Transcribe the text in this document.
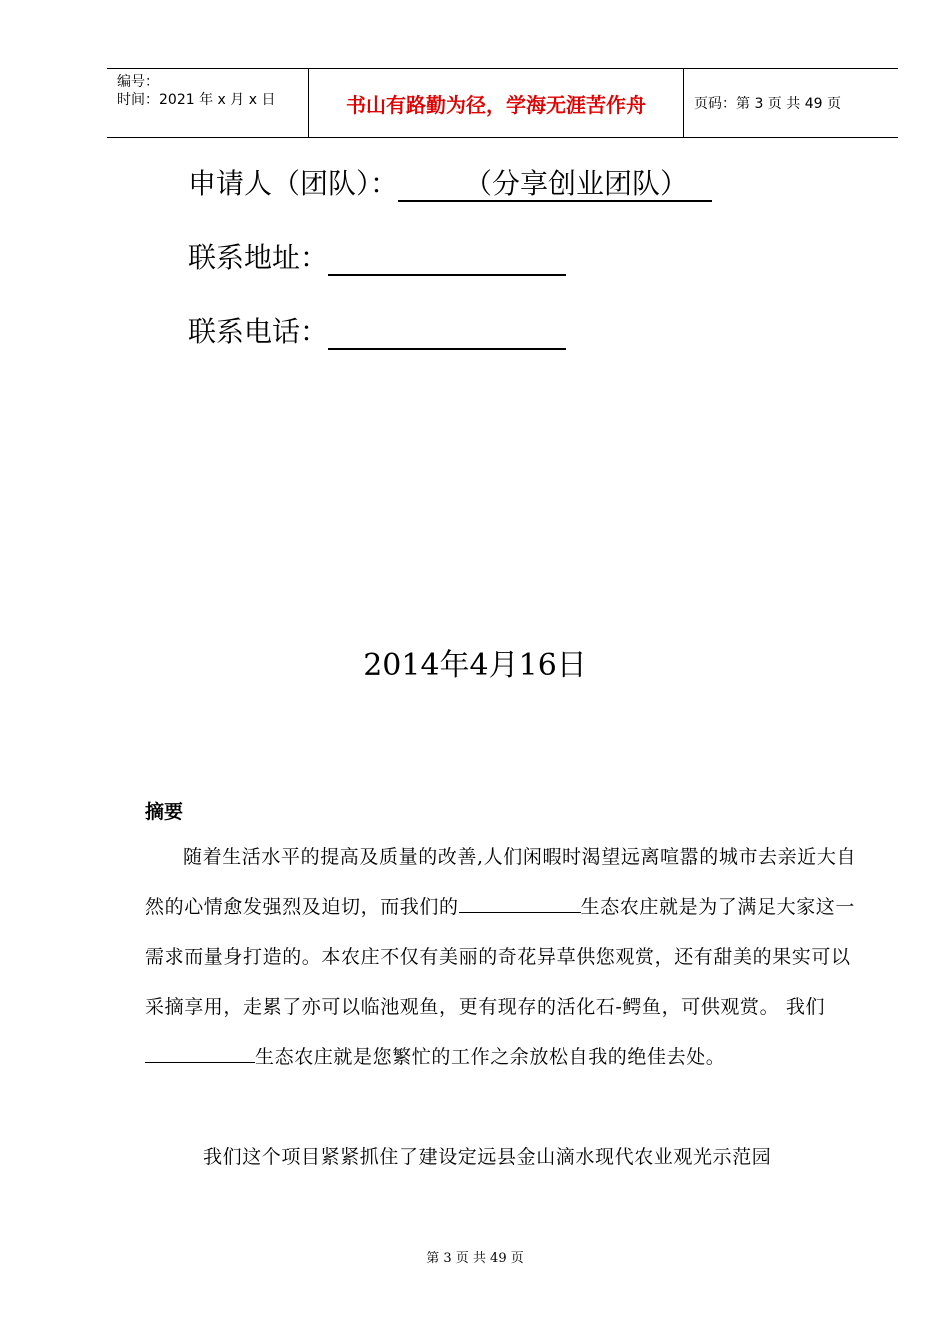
编号：
时间：2021 年 x 月 x 日	书山有路勤为径，学海无涯苦作舟	页码：第 3 页 共 49 页
申请人（团队）：	（分享创业团队）
联系地址：
联系电话：
2014年4月16日
摘要
随着生活水平的提高及质量的改善,人们闲暇时渴望远离喧嚣的城市去亲近大自然的心情愈发强烈及迫切，而我们的	生态农庄就是为了满足大家这一需求而量身打造的。本农庄不仅有美丽的奇花异草供您观赏，还有甜美的果实可以采摘享用，走累了亦可以临池观鱼，更有现存的活化石-鳄鱼，可供观赏。 我们生态农庄就是您繁忙的工作之余放松自我的绝佳去处。
我们这个项目紧紧抓住了建设定远县金山滴水现代农业观光示范园
第 3 页 共 49 页
